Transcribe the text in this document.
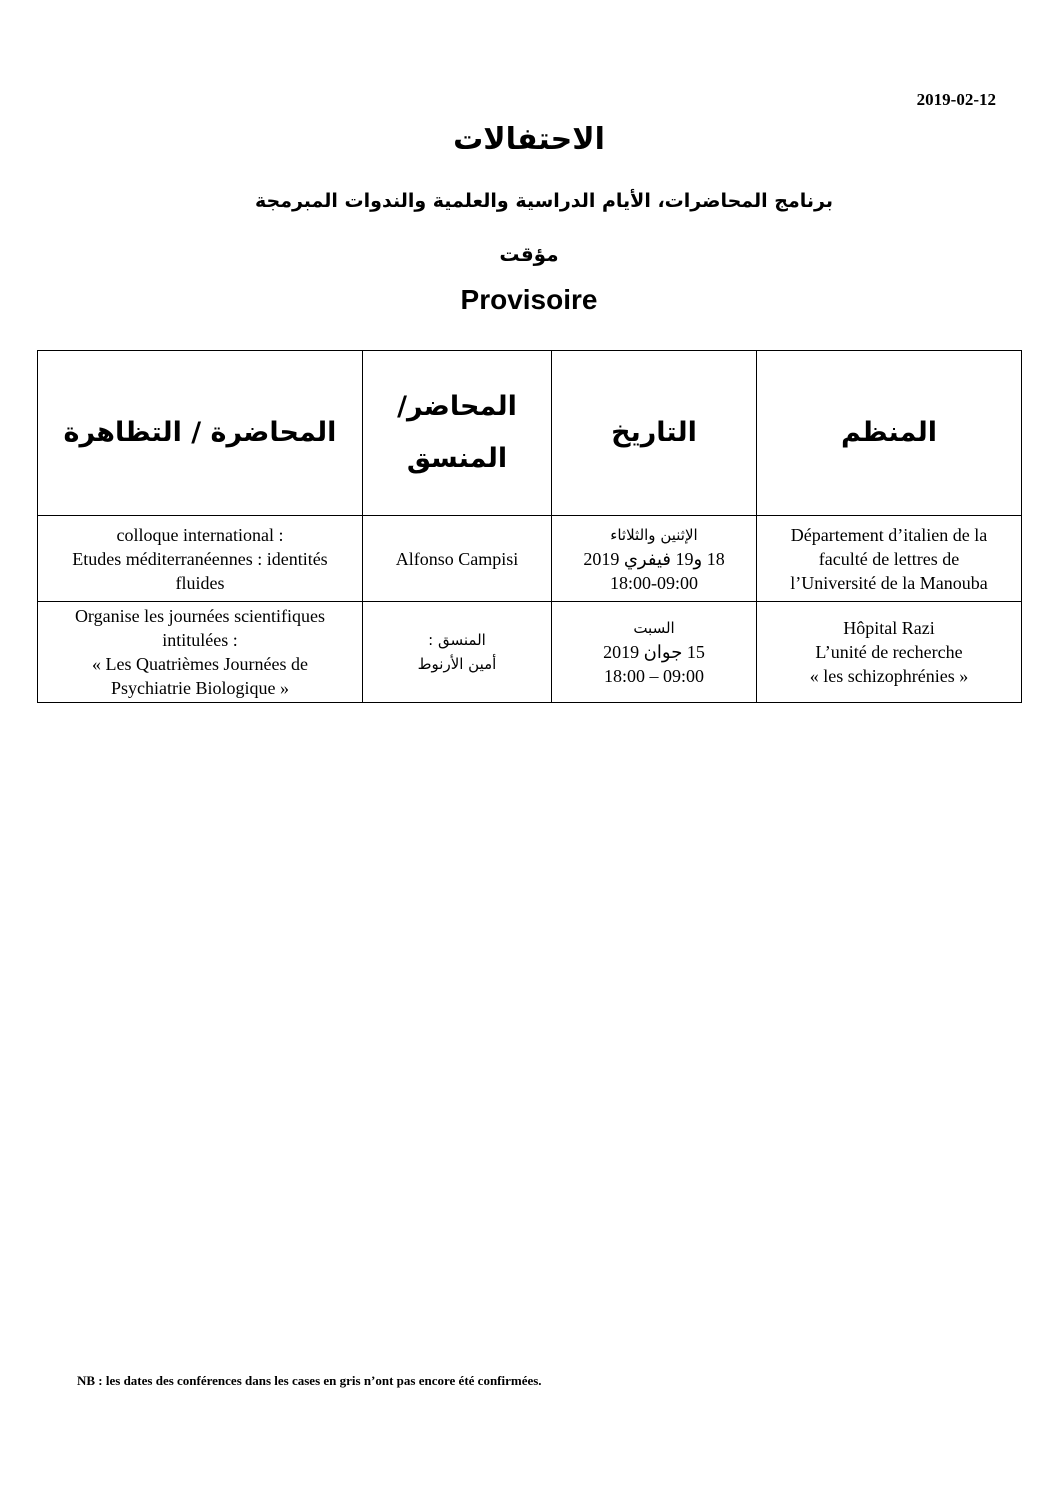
2019-02-12
الاحتفالات
برنامج المحاضرات، الأيام الدراسية والعلمية والندوات المبرمجة
مؤقت
Provisoire
المحاضرة / التظاهرة	المحاضر/ المنسق	التاريخ	المنظم

colloque international :
Etudes méditerranéennes : identités
fluides	Alfonso Campisi	الإثنين والثلاثاء
18 و19 فيفري 2019
18:00-09:00	Département d’italien de la
faculté de lettres de
l’Université de la Manouba

Organise les journées scientifiques
intitulées :
« Les Quatrièmes Journées de
Psychiatrie Biologique »	المنسق :
أمين الأرنوط	السبت
15 جوان 2019
18:00 – 09:00	Hôpital Razi
L’unité de recherche
« les schizophrénies »
NB : les dates des conférences dans les cases en gris n’ont pas encore été confirmées.
